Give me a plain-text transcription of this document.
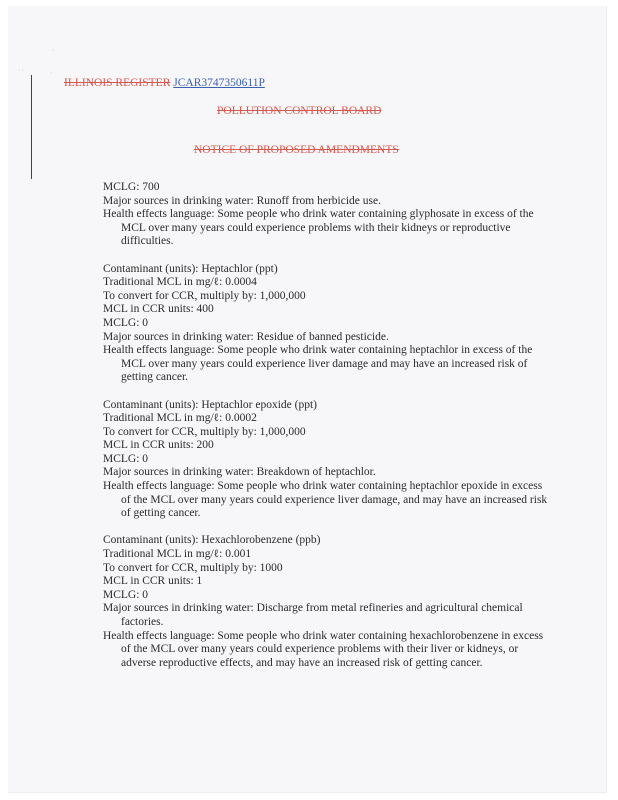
·
· ·	·
ILLINOIS REGISTER JCAR3747350611P
POLLUTION CONTROL BOARD
NOTICE OF PROPOSED AMENDMENTS

MCLG: 700

Major sources in drinking water: Runoff from herbicide use.

Health effects language: Some people who drink water containing glyphosate in excess of the MCL over many years could experience problems with their kidneys or reproductive difficulties.

Contaminant (units): Heptachlor (ppt)

Traditional MCL in mg/ℓ: 0.0004

To convert for CCR, multiply by: 1,000,000

MCL in CCR units: 400

MCLG: 0

Major sources in drinking water: Residue of banned pesticide.

Health effects language: Some people who drink water containing heptachlor in excess of the MCL over many years could experience liver damage and may have an increased risk of getting cancer.

Contaminant (units): Heptachlor epoxide (ppt)

Traditional MCL in mg/ℓ: 0.0002

To convert for CCR, multiply by: 1,000,000

MCL in CCR units: 200

MCLG: 0

Major sources in drinking water: Breakdown of heptachlor.

Health effects language: Some people who drink water containing heptachlor epoxide in excess of the MCL over many years could experience liver damage, and may have an increased risk of getting cancer.

Contaminant (units): Hexachlorobenzene (ppb)

Traditional MCL in mg/ℓ: 0.001

To convert for CCR, multiply by: 1000

MCL in CCR units: 1

MCLG: 0

Major sources in drinking water: Discharge from metal refineries and agricultural chemical factories.

Health effects language: Some people who drink water containing hexachlorobenzene in excess of the MCL over many years could experience problems with their liver or kidneys, or adverse reproductive effects, and may have an increased risk of getting cancer.
